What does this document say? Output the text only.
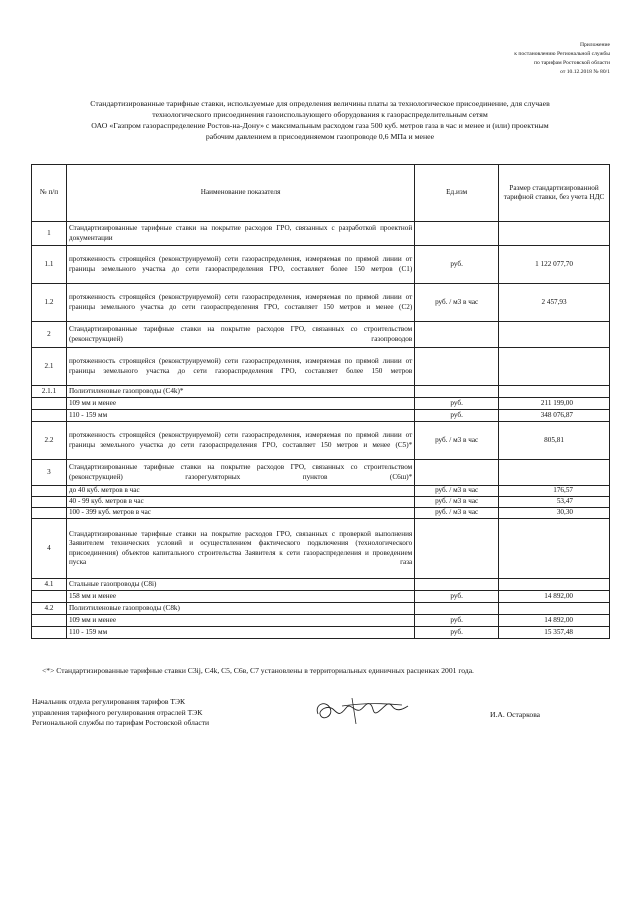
Приложение
к постановлению Региональной службы
по тарифам Ростовской области
от 10.12.2018 № 80/1
Стандартизированные тарифные ставки, используемые для определения величины платы за технологическое присоединение, для случаев
технологического присоединения газоиспользующего оборудования к газораспределительным сетям
ОАО «Газпром газораспределение Ростов-на-Дону» с максимальным расходом газа 500 куб. метров газа в час и менее и (или) проектным
рабочим давлением в присоединяемом газопроводе 0,6 МПа и менее
№ п/п	Наименование показателя	Ед.изм	Размер стандартизированной тарифной ставки, без учета НДС
1	Стандартизированные тарифные ставки на покрытие расходов ГРО, связанных с разработкой проектной документации		
1.1	протяженность строящейся (реконструируемой) сети газораспределения, измеряемая по прямой линии от границы земельного участка до сети газораспределения ГРО, составляет более 150 метров (С1)	руб.	1 122 077,70
1.2	протяженность строящейся (реконструируемой) сети газораспределения, измеряемая по прямой линии от границы земельного участка до сети газораспределения ГРО, составляет 150 метров и менее (С2)	руб. / м3 в час	2 457,93
2	Стандартизированные тарифные ставки на покрытие расходов ГРО, связанных со строительством (реконструкцией) газопроводов		
2.1	протяженность строящейся (реконструируемой) сети газораспределения, измеряемая по прямой линии от границы земельного участка до сети газораспределения ГРО, составляет более 150 метров		
2.1.1	Полиэтиленовые газопроводы (С4k)*		
	109 мм и менее	руб.	211 199,00
	110 - 159 мм	руб.	348 076,87
2.2	протяженность строящейся (реконструируемой) сети газораспределения, измеряемая по прямой линии от границы земельного участка до сети газораспределения ГРО, составляет 150 метров и менее (С5)*	руб. / м3 в час	805,81
3	Стандартизированные тарифные ставки на покрытие расходов ГРО, связанных со строительством (реконструкцией) газорегуляторных пунктов (С6ш)*		
	до 40 куб. метров в час	руб. / м3 в час	176,57
	40 - 99 куб. метров в час	руб. / м3 в час	53,47
	100 - 399 куб. метров в час	руб. / м3 в час	30,30
4	Стандартизированные тарифные ставки на покрытие расходов ГРО, связанных с проверкой выполнения Заявителем технических условий и осуществлением фактического подключения (технологического присоединения) объектов капитального строительства Заявителя к сети газораспределения и проведением пуска газа		
4.1	Стальные газопроводы (С8i)		
	158 мм и менее	руб.	14 892,00
4.2	Полиэтиленовые газопроводы (С8k)		
	109 мм и менее	руб.	14 892,00
	110 - 159 мм	руб.	15 357,48
<*> Стандартизированные тарифные ставки С3ij, С4k, С5, С6в, С7 установлены в территориальных единичных расценках 2001 года.
Начальник отдела регулирования тарифов ТЭК
управления тарифного регулирования отраслей ТЭК
Региональной службы по тарифам Ростовской области
И.А. Остаркова
